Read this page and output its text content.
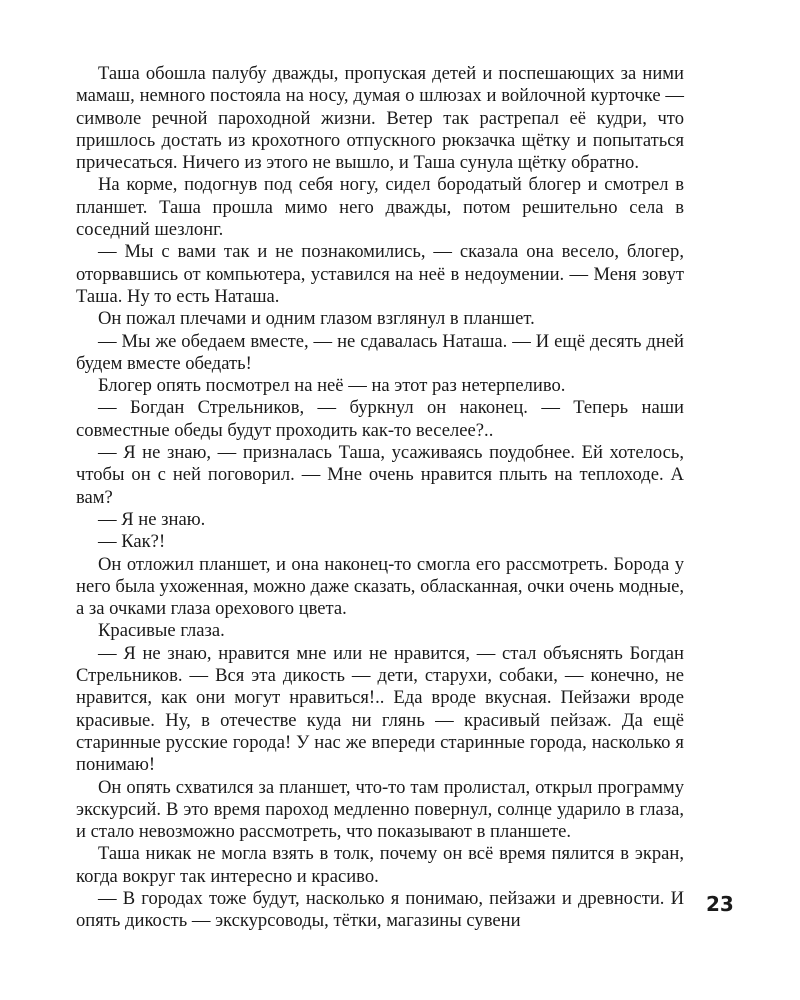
Таша обошла палубу дважды, пропуская детей и поспешающих за ними мамаш, немного постояла на носу, думая о шлюзах и войлочной курточке — символе речной пароходной жизни. Ветер так растрепал её кудри, что пришлось достать из крохотного отпускного рюкзачка щётку и попытаться причесаться. Ничего из этого не вышло, и Таша сунула щётку обратно.

На корме, подогнув под себя ногу, сидел бородатый блогер и смотрел в планшет. Таша прошла мимо него дважды, потом решительно села в соседний шезлонг.

— Мы с вами так и не познакомились, — сказала она весело, блогер, оторвавшись от компьютера, уставился на неё в недоумении. — Меня зовут Таша. Ну то есть Наташа.

Он пожал плечами и одним глазом взглянул в планшет.

— Мы же обедаем вместе, — не сдавалась Наташа. — И ещё десять дней будем вместе обедать!

Блогер опять посмотрел на неё — на этот раз нетерпеливо.

— Богдан Стрельников, — буркнул он наконец. — Теперь наши совместные обеды будут проходить как-то веселее?..

— Я не знаю, — призналась Таша, усаживаясь поудобнее. Ей хотелось, чтобы он с ней поговорил. — Мне очень нравится плыть на теплоходе. А вам?

— Я не знаю.

— Как?!

Он отложил планшет, и она наконец-то смогла его рассмотреть. Борода у него была ухоженная, можно даже сказать, обласканная, очки очень модные, а за очками глаза орехового цвета.

Красивые глаза.

— Я не знаю, нравится мне или не нравится, — стал объяснять Богдан Стрельников. — Вся эта дикость — дети, старухи, собаки, — конечно, не нравится, как они могут нравиться!.. Еда вроде вкусная. Пейзажи вроде красивые. Ну, в отечестве куда ни глянь — красивый пейзаж. Да ещё старинные русские города! У нас же впереди старинные города, насколько я понимаю!

Он опять схватился за планшет, что-то там пролистал, открыл программу экскурсий. В это время пароход медленно повернул, солнце ударило в глаза, и стало невозможно рассмотреть, что показывают в планшете.

Таша никак не могла взять в толк, почему он всё время пялится в экран, когда вокруг так интересно и красиво.

— В городах тоже будут, насколько я понимаю, пейзажи и древности. И опять дикость — экскурсоводы, тётки, магазины сувени

23
